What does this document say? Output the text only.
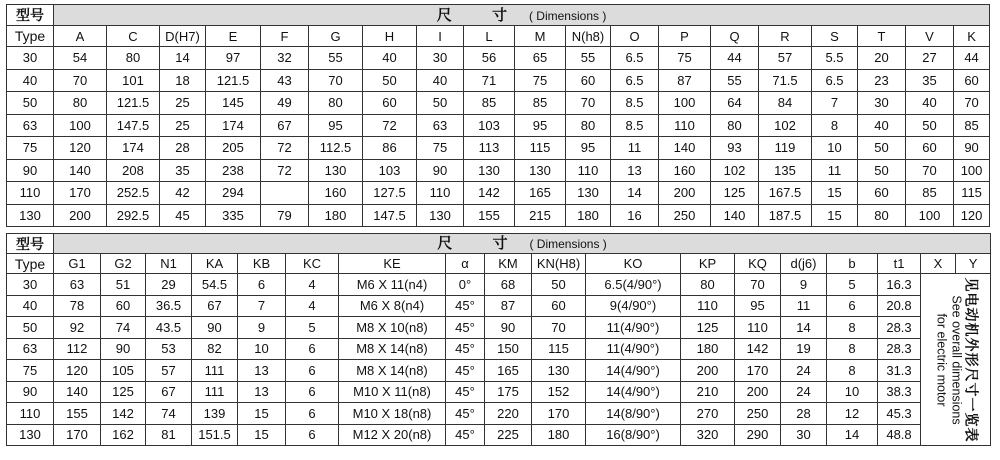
型号	尺 寸 ( Dimensions )																		
Type	A	C	D(H7)	E	F	G	H	I	L	M	N(h8)	O	P	Q	R	S	T	V	K
30	54	80	14	97	32	55	40	30	56	65	55	6.5	75	44	57	5.5	20	27	44
40	70	101	18	121.5	43	70	50	40	71	75	60	6.5	87	55	71.5	6.5	23	35	60
50	80	121.5	25	145	49	80	60	50	85	85	70	8.5	100	64	84	7	30	40	70
63	100	147.5	25	174	67	95	72	63	103	95	80	8.5	110	80	102	8	40	50	85
75	120	174	28	205	72	112.5	86	75	113	115	95	11	140	93	119	10	50	60	90
90	140	208	35	238	72	130	103	90	130	130	110	13	160	102	135	11	50	70	100
110	170	252.5	42	294		160	127.5	110	142	165	130	14	200	125	167.5	15	60	85	115
130	200	292.5	45	335	79	180	147.5	130	155	215	180	16	250	140	187.5	15	80	100	120
型号	尺 寸 ( Dimensions )																	
Type	G1	G2	N1	KA	KB	KC	KE	α	KM	KN(H8)	KO	KP	KQ	d(j6)	b	t1	X	Y
30	63	51	29	54.5	6	4	M6 X 11(n4)	0°	68	50	6.5(4/90°)	80	70	9	5	16.3	见电动机外形尺寸一览表
See overall dimensions
for electric motor	

40	78	60	36.5	67	7	4	M6 X 8(n4)	45°	87	60	9(4/90°)	110	95	11	6	20.8		
50	92	74	43.5	90	9	5	M8 X 10(n8)	45°	90	70	11(4/90°)	125	110	14	8	28.3		
63	112	90	53	82	10	6	M8 X 14(n8)	45°	150	115	11(4/90°)	180	142	19	8	28.3		
75	120	105	57	111	13	6	M8 X 14(n8)	45°	165	130	14(4/90°)	200	170	24	8	31.3		
90	140	125	67	111	13	6	M10 X 11(n8)	45°	175	152	14(4/90°)	210	200	24	10	38.3		
110	155	142	74	139	15	6	M10 X 18(n8)	45°	220	170	14(8/90°)	270	250	28	12	45.3		
130	170	162	81	151.5	15	6	M12 X 20(n8)	45°	225	180	16(8/90°)	320	290	30	14	48.8		
